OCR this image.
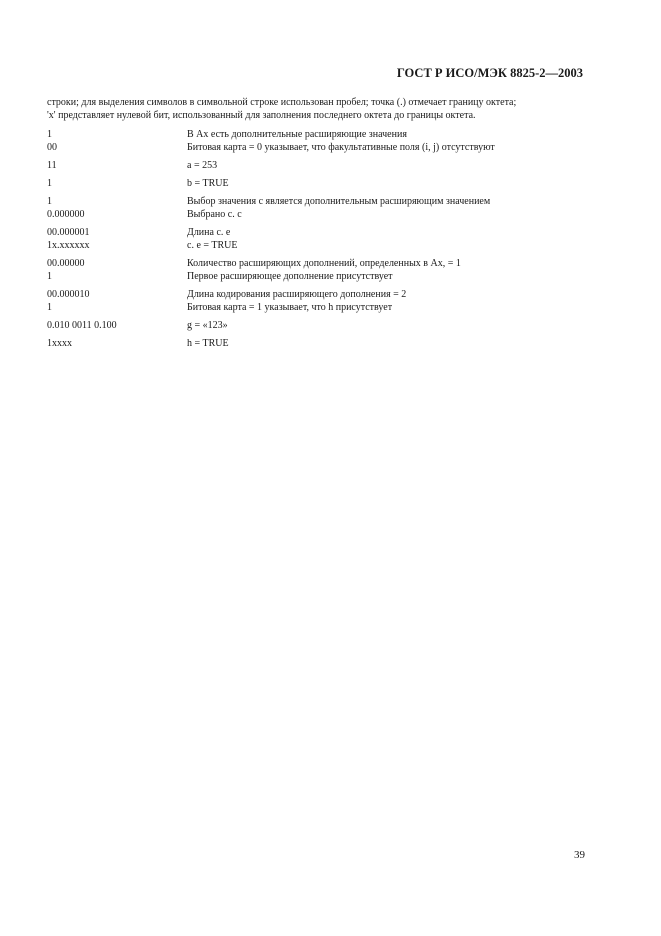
ГОСТ Р ИСО/МЭК 8825-2—2003

строки; для выделения символов в символьной строке использован пробел; точка (.) отмечает границу октета;

'x' представляет нулевой бит, использованный для заполнения последнего октета до границы октета.

1	В Ax есть дополнительные расширяющие значения
00	Битовая карта = 0 указывает, что факультативные поля (i, j) отсутствуют
11	a = 253
1	b = TRUE
1	Выбор значения с является дополнительным расширяющим значением
0.000000	Выбрано c. c
00.000001	Длина c. e
1x.xxxxxx	c. e = TRUE
00.00000	Количество расширяющих дополнений, определенных в Ax, = 1
1	Первое расширяющее дополнение присутствует
00.000010	Длина кодирования расширяющего дополнения = 2
1	Битовая карта = 1 указывает, что h присутствует
0.010 0011 0.100	g = «123»
1xxxx	h = TRUE
39
